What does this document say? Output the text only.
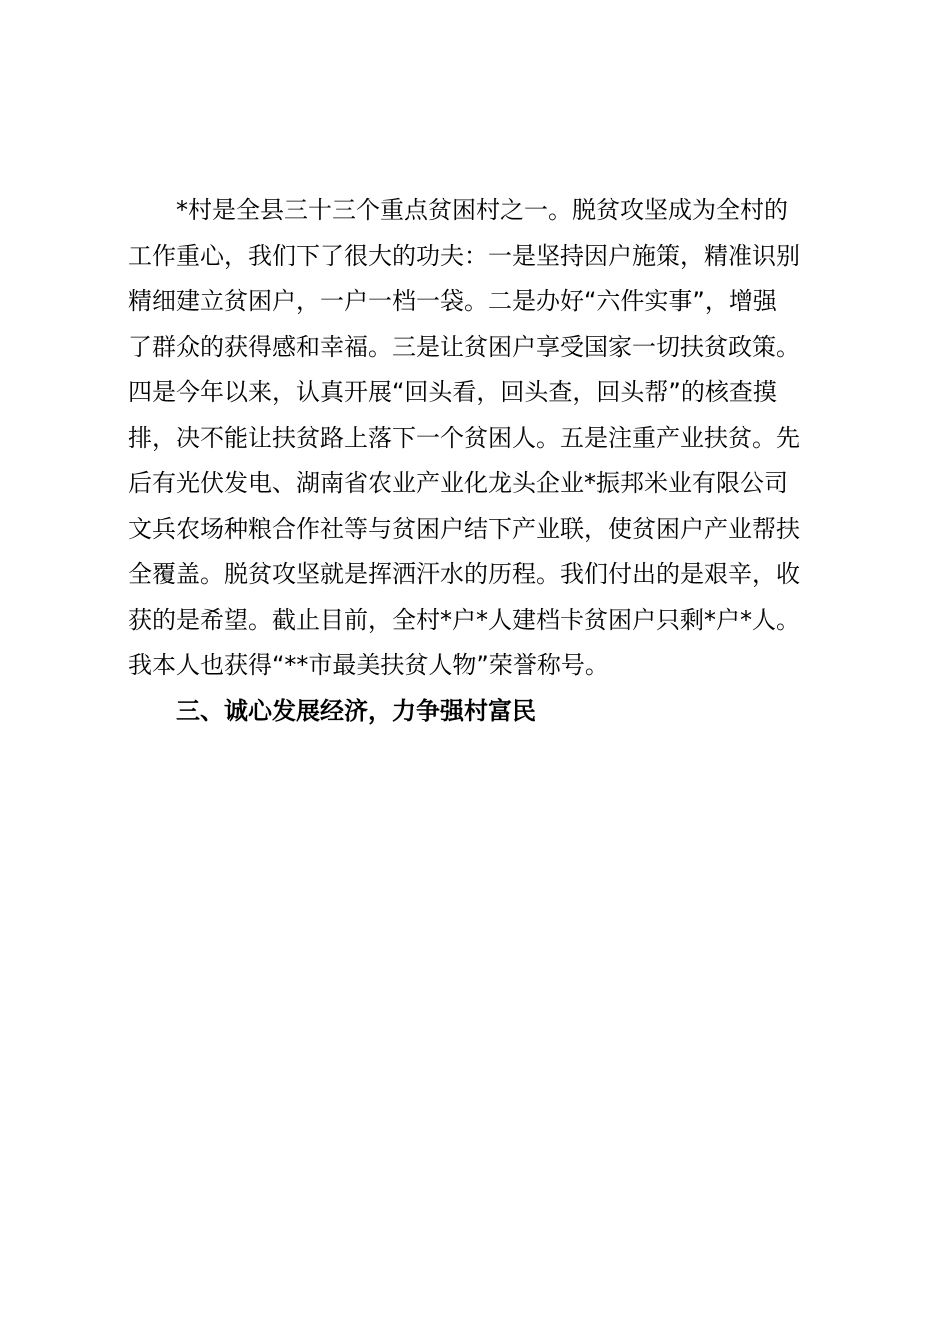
*村是全县三十三个重点贫困村之一。脱贫攻坚成为全村的
工作重心，我们下了很大的功夫：一是坚持因户施策，精准识别
精细建立贫困户，一户一档一袋。二是办好“六件实事”，增强
了群众的获得感和幸福。三是让贫困户享受国家一切扶贫政策。
四是今年以来，认真开展“回头看，回头查，回头帮”的核查摸
排，决不能让扶贫路上落下一个贫困人。五是注重产业扶贫。先
后有光伏发电、湖南省农业产业化龙头企业*振邦米业有限公司
文兵农场种粮合作社等与贫困户结下产业联，使贫困户产业帮扶
全覆盖。脱贫攻坚就是挥洒汗水的历程。我们付出的是艰辛，收
获的是希望。截止目前，全村*户*人建档卡贫困户只剩*户*人。
我本人也获得“**市最美扶贫人物”荣誉称号。
三、诚心发展经济，力争强村富民
